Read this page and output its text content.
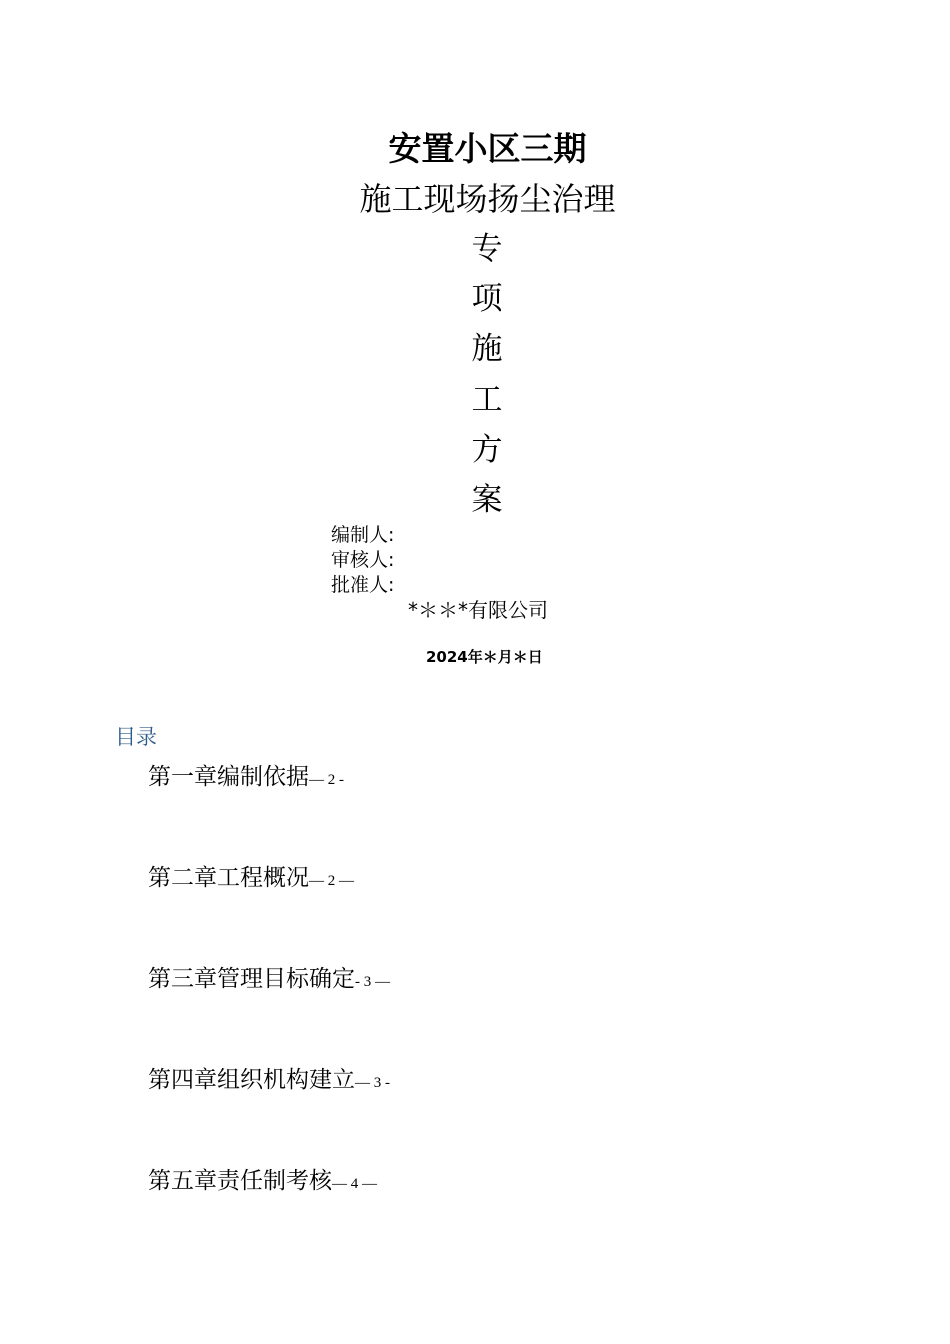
安置小区三期
施工现场扬尘治理
专
项
施
工
方
案
编制人:
审核人:
批准人:
*＊＊*有限公司
2024年＊月＊日
目录
第一章编制依据— 2 -
第二章工程概况— 2 —
第三章管理目标确定- 3 —
第四章组织机构建立— 3 -
第五章责任制考核— 4 —
